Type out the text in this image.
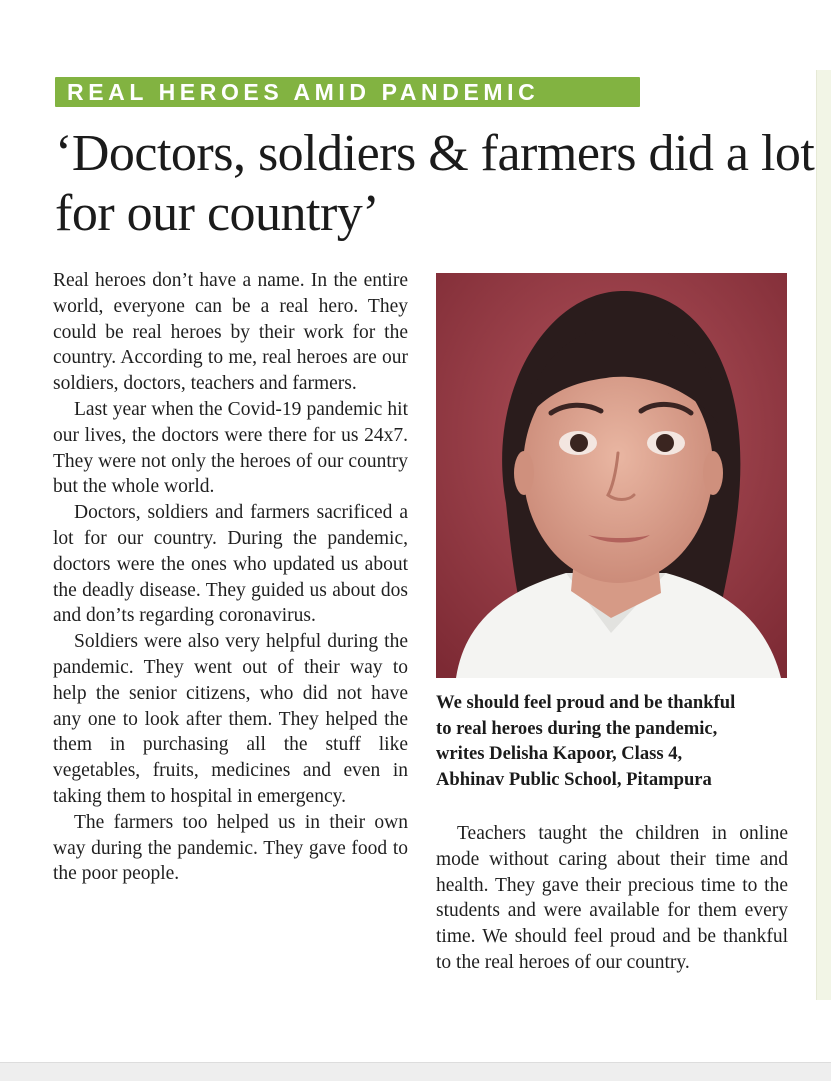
REAL HEROES AMID PANDEMIC
‘Doctors, soldiers & farmers did a lot for our country’

Real heroes don’t have a name. In the entire world, everyone can be a real hero. They could be real heroes by their work for the country. According to me, real heroes are our soldiers, doctors, teachers and farmers.

Last year when the Covid-19 pandemic hit our lives, the doctors were there for us 24x7. They were not only the heroes of our country but the whole world.

Doctors, soldiers and farmers sacrificed a lot for our country. During the pandemic, doctors were the ones who updated us about the deadly disease. They guided us about dos and don’ts regarding coronavirus.

Soldiers were also very helpful during the pandemic. They went out of their way to help the senior citizens, who did not have any one to look after them. They helped the them in purchasing all the stuff like vegetables, fruits, medicines and even in taking them to hospital in emergency.

The farmers too helped us in their own way during the pandemic. They gave food to the poor people.

We should feel proud and be thankful
to real heroes during the pandemic,
writes Delisha Kapoor, Class 4,
Abhinav Public School, Pitampura

Teachers taught the children in online mode without caring about their time and health. They gave their precious time to the students and were available for them every time. We should feel proud and be thankful to the real heroes of our country.
